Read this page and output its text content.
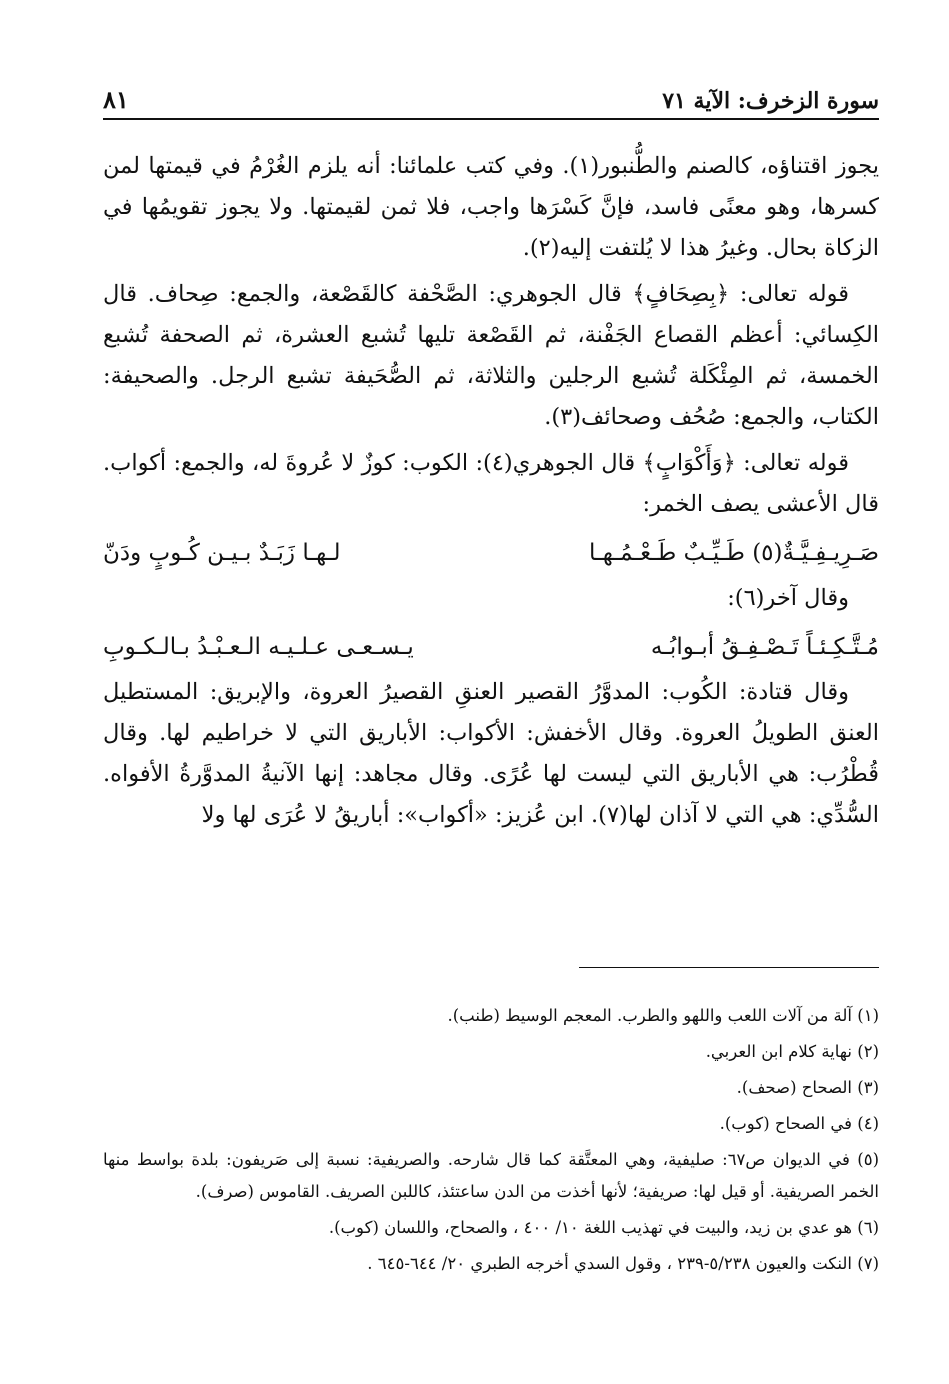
سورة الزخرف: الآية ٧١
٨١

يجوز اقتناؤه، كالصنم والطُّنبور(١). وفي كتب علمائنا: أنه يلزم الغُرْمُ في قيمتها لمن كسرها، وهو معنًى فاسد، فإنَّ كَسْرَها واجب، فلا ثمن لقيمتها. ولا يجوز تقويمُها في الزكاة بحال. وغيرُ هذا لا يُلتفت إليه(٢).

قوله تعالى: ﴿بِصِحَافٍ﴾ قال الجوهري: الصَّحْفة كالقَصْعة، والجمع: صِحاف. قال الكِسائي: أعظم القصاع الجَفْنة، ثم القَصْعة تليها تُشبع العشرة، ثم الصحفة تُشبع الخمسة، ثم المِئْكَلة تُشبع الرجلين والثلاثة، ثم الصُّحَيفة تشبع الرجل. والصحيفة: الكتاب، والجمع: صُحُف وصحائف(٣).

قوله تعالى: ﴿وَأَكْوَابٍ﴾ قال الجوهري(٤): الكوب: كوزٌ لا عُروةَ له، والجمع: أكواب. قال الأعشى يصف الخمر:

صَـرِيـفِـيَّـةٌ(٥) طَـيِّـبٌ طَـعْـمُـهـا
لـهـا زَبَـدٌ بـيـن كُـوبٍ ودَنّ

وقال آخر(٦):

مُـتَّـكِـئـاً تَـصْـفِـقُ أبـوابُـه
يـسـعـى عـلـيـه الـعـبْـدُ بـالـكـوبِ

وقال قتادة: الكُوب: المدوَّرُ القصير العنقِ القصيرُ العروة، والإبريق: المستطيل العنق الطويلُ العروة. وقال الأخفش: الأكواب: الأباريق التي لا خراطيم لها. وقال قُطْرُب: هي الأباريق التي ليست لها عُرًى. وقال مجاهد: إنها الآنيةُ المدوَّرةُ الأفواه. السُّدِّي: هي التي لا آذان لها(٧). ابن عُزيز: «أكواب»: أباريقُ لا عُرَى لها ولا

(١) آلة من آلات اللعب واللهو والطرب. المعجم الوسيط (طنب).

(٢) نهاية كلام ابن العربي.

(٣) الصحاح (صحف).

(٤) في الصحاح (كوب).

(٥) في الديوان ص٦٧: صليفية، وهي المعتَّقة كما قال شارحه. والصريفية: نسبة إلى صَريفون: بلدة بواسط منها الخمر الصريفية. أو قيل لها: صريفية؛ لأنها أخذت من الدن ساعتئذ، كاللبن الصريف. القاموس (صرف).

(٦) هو عدي بن زيد، والبيت في تهذيب اللغة ١٠/ ٤٠٠ ، والصحاح، واللسان (كوب).

(٧) النكت والعيون ٥/٢٣٨-٢٣٩ ، وقول السدي أخرجه الطبري ٢٠/ ٦٤٤-٦٤٥ .
